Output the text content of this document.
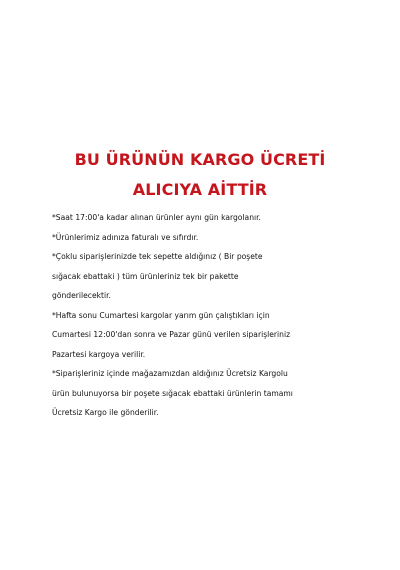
BU ÜRÜNÜN KARGO ÜCRETİ
ALICIYA AİTTİR
*Saat 17:00'a kadar alınan ürünler aynı gün kargolanır.
*Ürünlerimiz adınıza faturalı ve sıfırdır.
*Çoklu siparişlerinizde tek sepette aldığınız ( Bir poşete
sığacak ebattaki ) tüm ürünleriniz tek bir pakette
gönderilecektir.
*Hafta sonu Cumartesi kargolar yarım gün çalıştıkları için
Cumartesi 12:00'dan sonra ve Pazar günü verilen siparişleriniz
Pazartesi kargoya verilir.
*Siparişleriniz içinde mağazamızdan aldığınız Ücretsiz Kargolu
ürün bulunuyorsa bir poşete sığacak ebattaki ürünlerin tamamı
Ücretsiz Kargo ile gönderilir.
